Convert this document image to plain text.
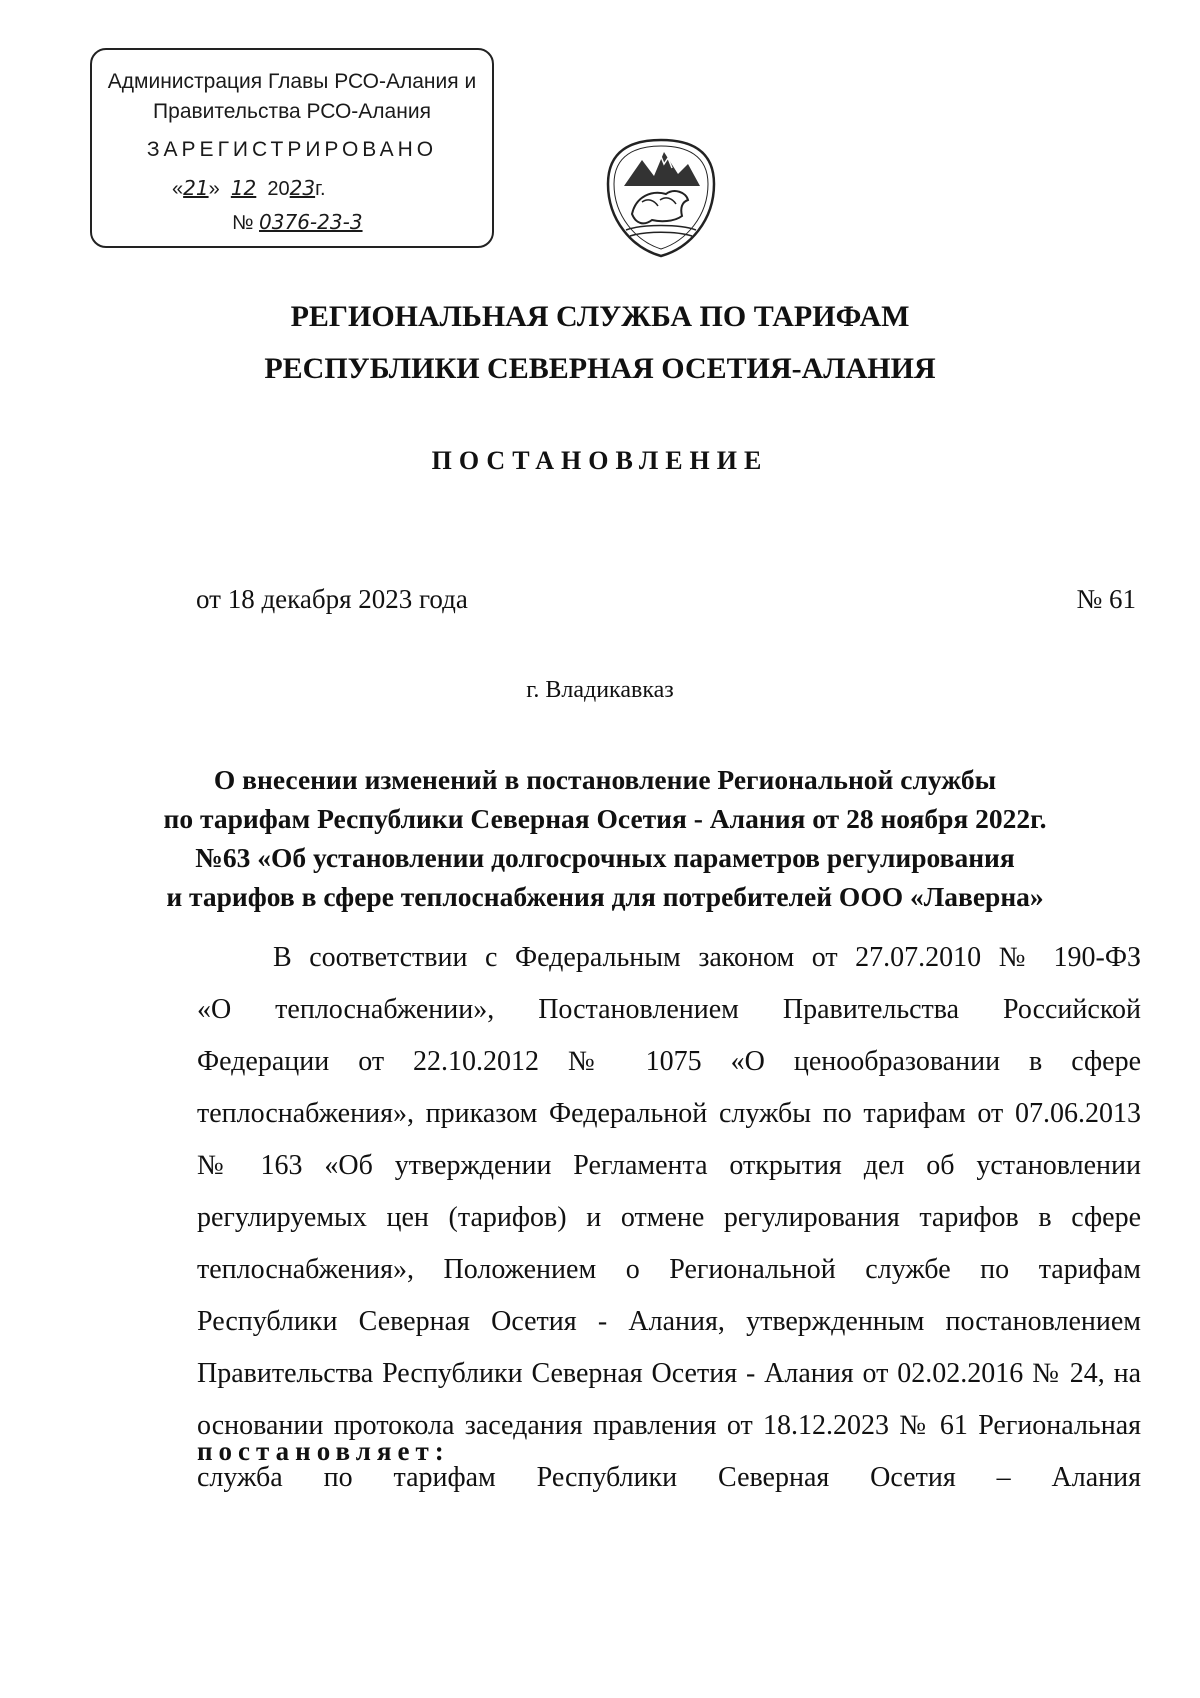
Администрация Главы РСО-Алания и
Правительства РСО-Алания
ЗАРЕГИСТРИРОВАНО
«21»  12 2023г.
№ 0376-23-3
РЕГИОНАЛЬНАЯ СЛУЖБА ПО ТАРИФАМ
РЕСПУБЛИКИ СЕВЕРНАЯ ОСЕТИЯ-АЛАНИЯ
ПОСТАНОВЛЕНИЕ
от 18 декабря 2023 года	№ 61
г. Владикавказ

О внесении изменений в постановление Региональной службы
по тарифам Республики Северная Осетия - Алания от 28 ноября 2022г.
№63 «Об установлении долгосрочных параметров регулирования
и тарифов в сфере теплоснабжения для потребителей ООО «Лаверна»

В соответствии с Федеральным законом от 27.07.2010 № 190-ФЗ
«О теплоснабжении», Постановлением Правительства Российской
Федерации от 22.10.2012 № 1075 «О ценообразовании в сфере
теплоснабжения», приказом Федеральной службы по тарифам от 07.06.2013
№ 163 «Об утверждении Регламента открытия дел об установлении
регулируемых цен (тарифов) и отмене регулирования тарифов в сфере
теплоснабжения», Положением о Региональной службе по тарифам
Республики Северная Осетия - Алания, утвержденным постановлением
Правительства Республики Северная Осетия - Алания от 02.02.2016 № 24, на
основании протокола заседания правления от 18.12.2023 № 61 Региональная
служба по тарифам Республики Северная Осетия – Алания

постановляет:
